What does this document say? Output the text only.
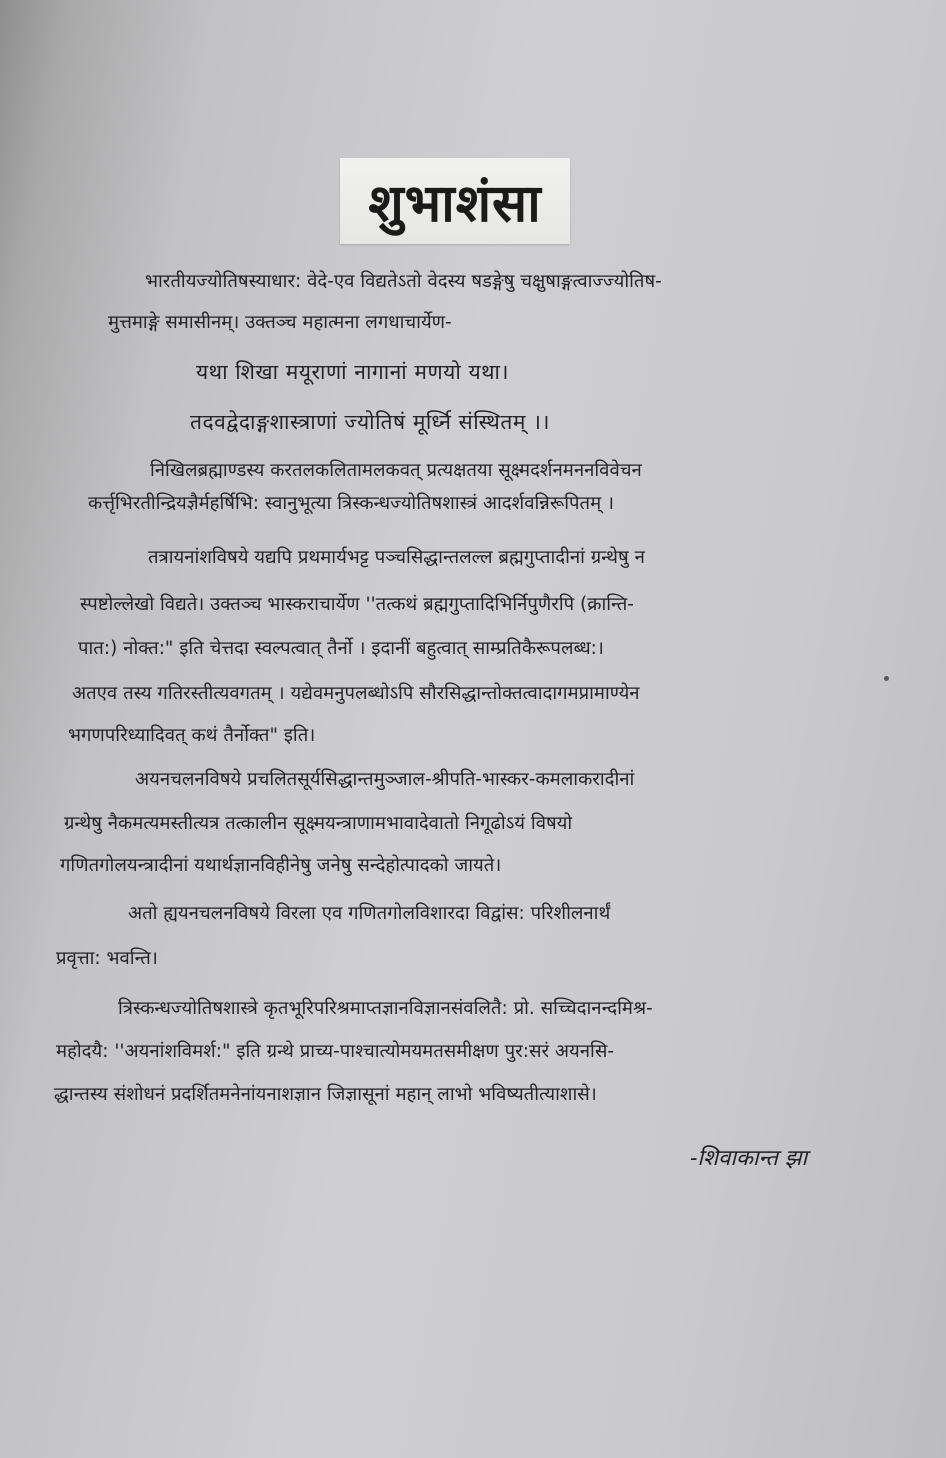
शुभाशंसा
भारतीयज्योतिषस्याधार: वेदे-एव विद्यतेऽतो वेदस्य षडङ्गेषु चक्षुषाङ्गत्वाज्ज्योतिष-
मुत्तमाङ्गे समासीनम्। उक्तञ्च महात्मना लगधाचार्येण-
यथा शिखा मयूराणां नागानां मणयो यथा।
तदवद्वेदाङ्गशास्त्राणां ज्योतिषं मूर्ध्नि संस्थितम् ।।
निखिलब्रह्माण्डस्य करतलकलितामलकवत् प्रत्यक्षतया सूक्ष्मदर्शनमननविवेचन
कर्त्तृभिरतीन्द्रियज्ञैर्महर्षिभि: स्वानुभूत्या त्रिस्कन्धज्योतिषशास्त्रं आदर्शवन्निरूपितम् ।
तत्रायनांशविषये यद्यपि प्रथमार्यभट्ट पञ्चसिद्धान्तलल्ल ब्रह्मगुप्तादीनां ग्रन्थेषु न
स्पष्टोल्लेखो विद्यते। उक्तञ्च भास्कराचार्येण ''तत्कथं ब्रह्मगुप्तादिभिर्निपुणैरपि (क्रान्ति-
पात:) नोक्त:" इति चेत्तदा स्वल्पत्वात् तैर्नो । इदानीं बहुत्वात् साम्प्रतिकैरूपलब्ध:।
अतएव तस्य गतिरस्तीत्यवगतम् । यद्येवमनुपलब्धोऽपि सौरसिद्धान्तोक्तत्वादागमप्रामाण्येन
भगणपरिध्यादिवत् कथं तैर्नोक्त" इति।
अयनचलनविषये प्रचलितसूर्यसिद्धान्तमुञ्जाल-श्रीपति-भास्कर-कमलाकरादीनां
ग्रन्थेषु नैकमत्यमस्तीत्यत्र तत्कालीन सूक्ष्मयन्त्राणामभावादेवातो निगूढोऽयं विषयो
गणितगोलयन्त्रादीनां यथार्थज्ञानविहीनेषु जनेषु सन्देहोत्पादको जायते।
अतो ह्ययनचलनविषये विरला एव गणितगोलविशारदा विद्वांस: परिशीलनार्थं
प्रवृत्ता: भवन्ति।
त्रिस्कन्धज्योतिषशास्त्रे कृतभूरिपरिश्रमाप्तज्ञानविज्ञानसंवलितै: प्रो. सच्चिदानन्दमिश्र-
महोदयै: ''अयनांशविमर्श:" इति ग्रन्थे प्राच्य-पाश्चात्योमयमतसमीक्षण पुर:सरं अयनसि-
द्धान्तस्य संशोधनं प्रदर्शितमनेनांयनाशज्ञान जिज्ञासूनां महान् लाभो भविष्यतीत्याशासे।
-शिवाकान्त झा
